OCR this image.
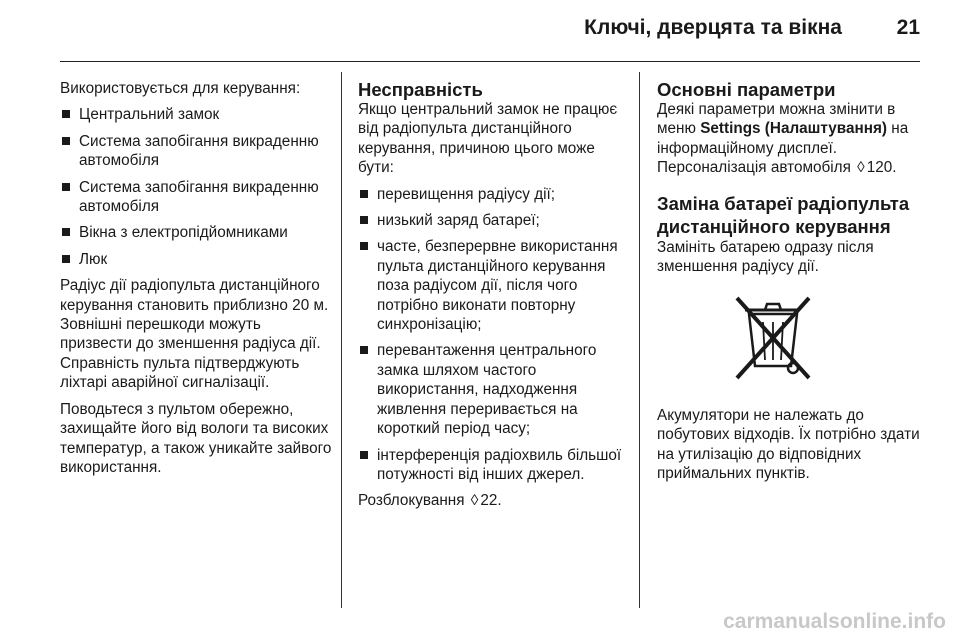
Ключі, дверцята та вікна	21

Використовується для керування:

Центральний замок
Система запобігання викраденню автомобіля
Система запобігання викраденню автомобіля
Вікна з електропідйомниками
Люк

Радіус дії радіопульта дистанційного керування становить приблизно 20 м. Зовнішні перешкоди можуть призвести до зменшення радіуса дії. Справність пульта підтверджують ліхтарі аварійної сигналізації.

Поводьтеся з пультом обережно, захищайте його від вологи та високих температур, а також уникайте зайвого використання.

Несправність

Якщо центральний замок не працює від радіопульта дистанційного керування, причиною цього може бути:

перевищення радіусу дії;
низький заряд батареї;
часте, безперервне використання пульта дистанційного керування поза радіусом дії, після чого потрібно виконати повторну синхронізацію;
перевантаження центрального замка шляхом частого використання, надходження живлення переривається на короткий період часу;
інтерференція радіохвиль більшої потужності від інших джерел.

Розблокування ◊ 22.

Основні параметри

Деякі параметри можна змінити в меню Settings (Налаштування) на інформаційному дисплеї. Персоналізація автомобіля ◊ 120.

Заміна батареї радіопульта дистанційного керування

Замініть батарею одразу після зменшення радіусу дії.

Акумулятори не належать до побутових відходів. Їх потрібно здати на утилізацію до відповідних приймальних пунктів.

carmanualsonline.info
